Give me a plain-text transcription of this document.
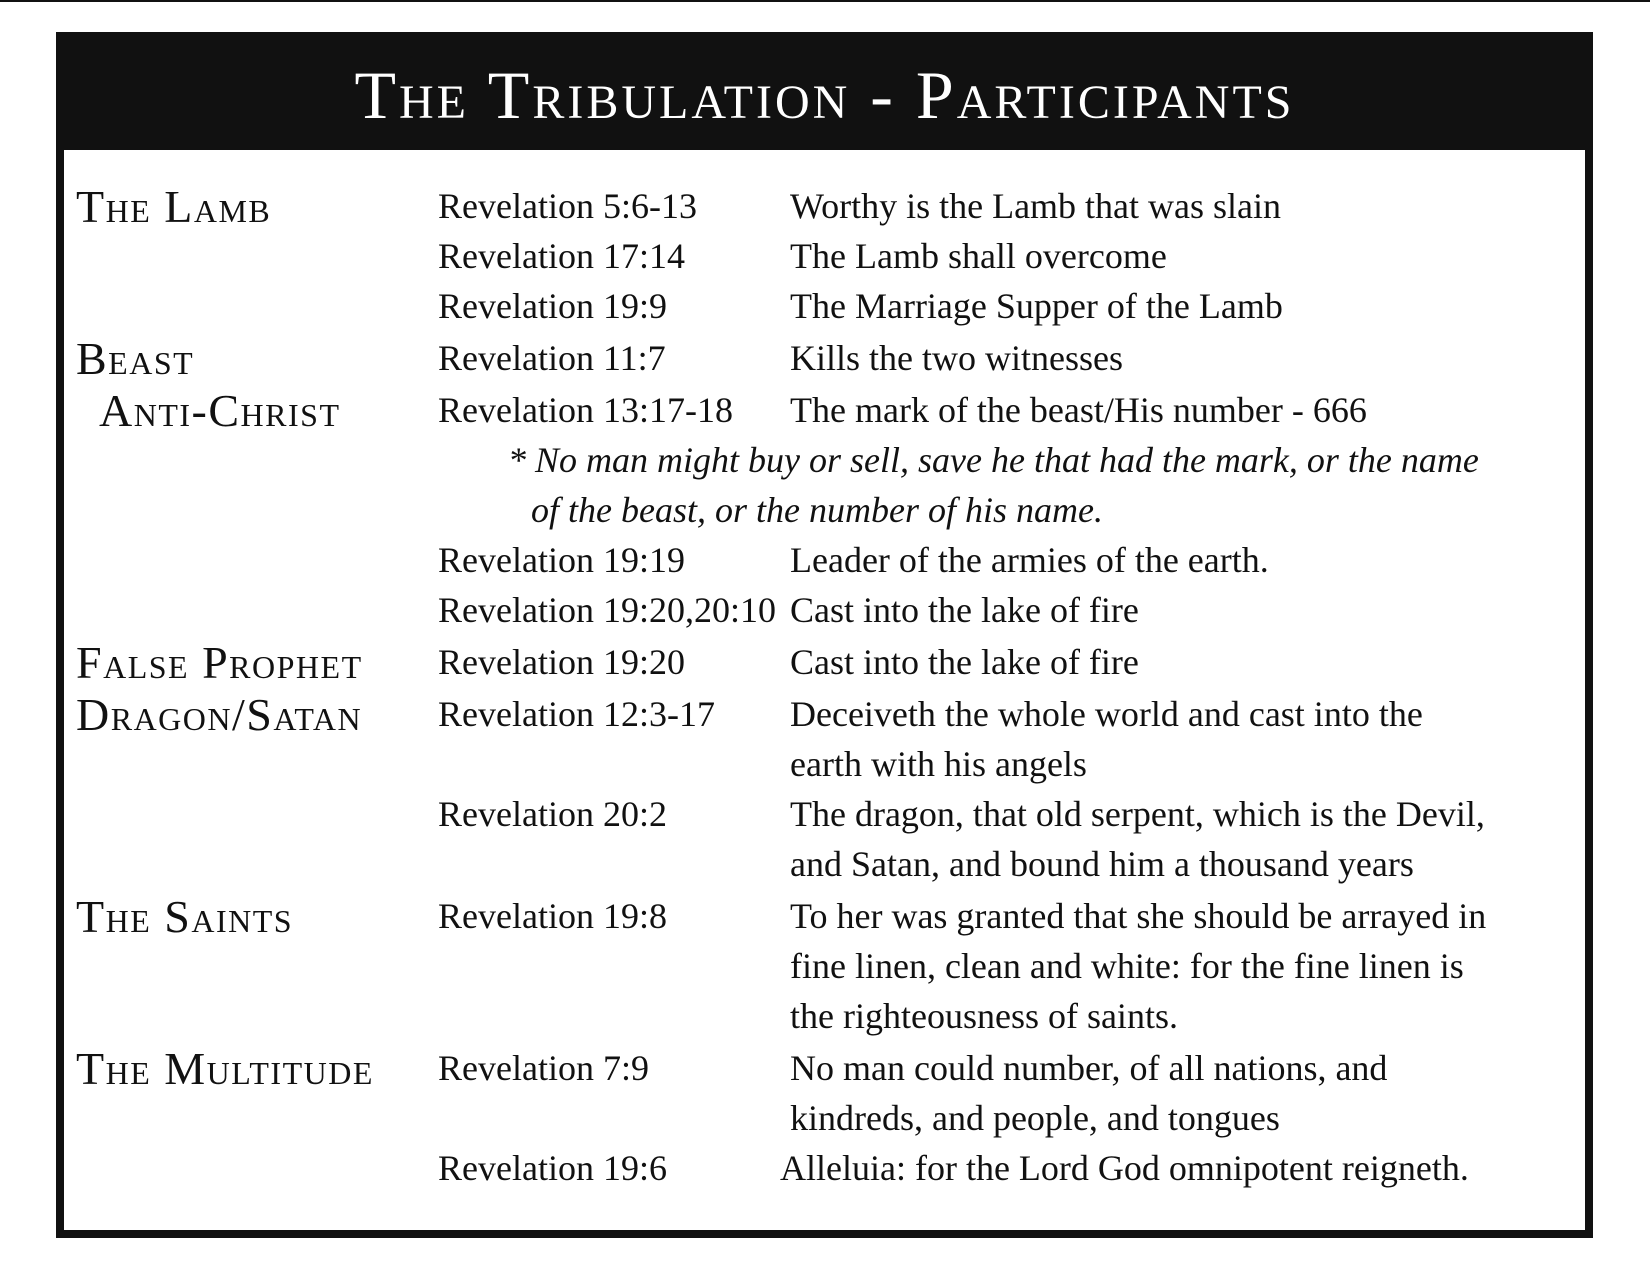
The Tribulation - Participants
The Lamb	Revelation 5:6-13	Worthy is the Lamb that was slain
Revelation 17:14	The Lamb shall overcome
Revelation 19:9	The Marriage Supper of the Lamb
Beast	Revelation 11:7	Kills the two witnesses
Anti-Christ	Revelation 13:17-18 The mark of the beast/His number - 666
* No man might buy or sell, save he that had the mark, or the name
of the beast, or the number of his name.
Revelation 19:19	Leader of the armies of the earth.
Revelation 19:20,20:10 Cast into the lake of fire
False Prophet Revelation 19:20	Cast into the lake of fire
Dragon/Satan Revelation 12:3-17 Deceiveth the whole world and cast into the
earth with his angels
Revelation 20:2	The dragon, that old serpent, which is the Devil,
and Satan, and bound him a thousand years
The Saints	Revelation 19:8	To her was granted that she should be arrayed in
fine linen, clean and white: for the fine linen is
the righteousness of saints.
The Multitude Revelation 7:9	No man could number, of all nations, and
kindreds, and people, and tongues
Revelation 19:6	Alleluia: for the Lord God omnipotent reigneth.
